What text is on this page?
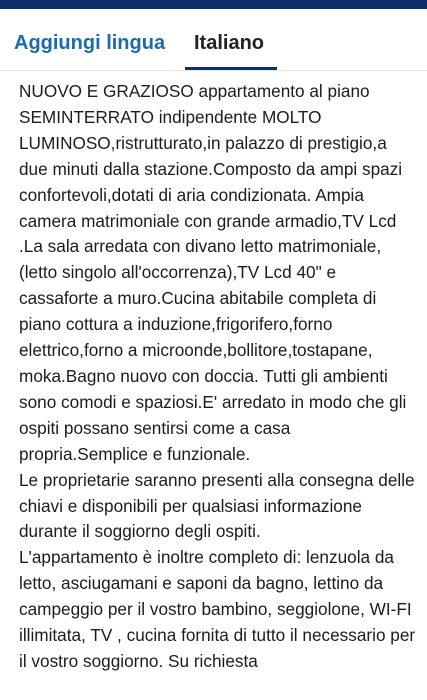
Aggiungi lingua Italiano

NUOVO E GRAZIOSO appartamento al piano SEMINTERRATO indipendente MOLTO LUMINOSO,ristrutturato,in palazzo di prestigio,a due minuti dalla stazione.Composto da ampi spazi confortevoli,dotati di aria condizionata. Ampia camera matrimoniale con grande armadio,TV Lcd .La sala arredata con divano letto matrimoniale,(letto singolo all'occorrenza),TV Lcd 40" e cassaforte a muro.Cucina abitabile completa di piano cottura a induzione,frigorifero,forno elettrico,forno a microonde,bollitore,tostapane, moka.Bagno nuovo con doccia. Tutti gli ambienti sono comodi e spaziosi.E' arredato in modo che gli ospiti possano sentirsi come a casa propria.Semplice e funzionale.

Le proprietarie saranno presenti alla consegna delle chiavi e disponibili per qualsiasi informazione durante il soggiorno degli ospiti.

L'appartamento è inoltre completo di: lenzuola da letto, asciugamani e saponi da bagno, lettino da campeggio per il vostro bambino, seggiolone, WI-FI illimitata, TV , cucina fornita di tutto il necessario per il vostro soggiorno. Su richiesta
